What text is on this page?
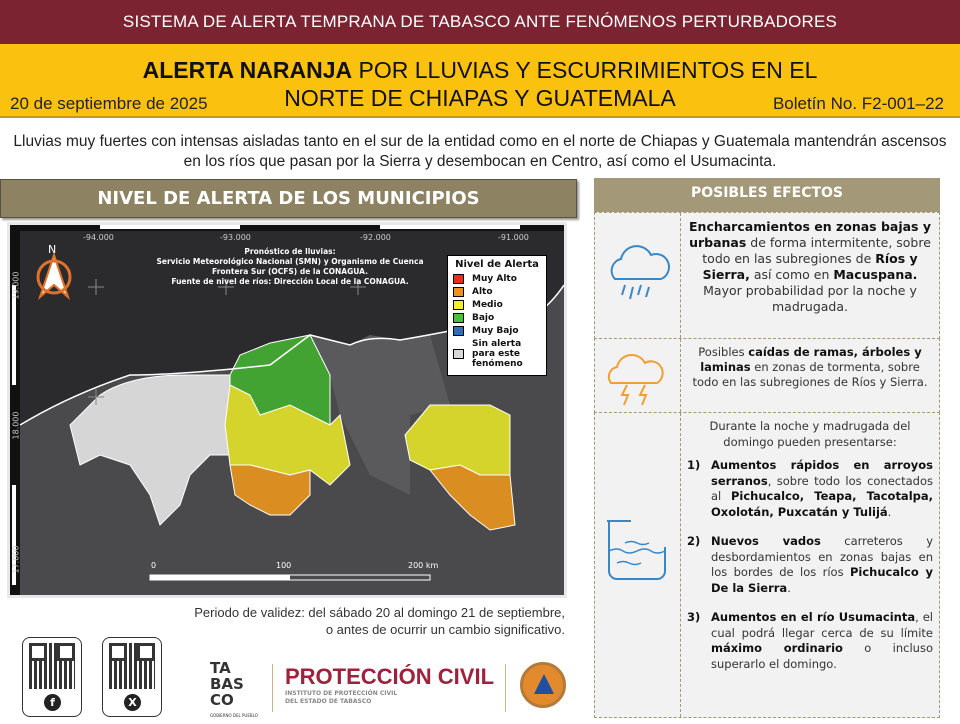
SISTEMA DE ALERTA TEMPRANA DE TABASCO ANTE FENÓMENOS PERTURBADORES
ALERTA NARANJA POR LLUVIAS Y ESCURRIMIENTOS EN EL NORTE DE CHIAPAS Y GUATEMALA
20 de septiembre de 2025	Boletín No. F2-001–22
Lluvias muy fuertes con intensas aisladas tanto en el sur de la entidad como en el norte de Chiapas y Guatemala mantendrán ascensos en los ríos que pasan por la Sierra y desembocan en Centro, así como el Usumacinta.
NIVEL DE ALERTA DE LOS MUNICIPIOS
-94.000	-93.000	-92.000	-91.000
19.000
18.000
17.000
N	Pronóstico de lluvias:
Servicio Meteorológico Nacional (SMN) y Organismo de Cuenca
Frontera Sur (OCFS) de la CONAGUA.
Fuente de nivel de ríos: Dirección Local de la CONAGUA.
0	100	200 km
Nivel de Alerta
Muy Alto
Alto
Medio
Bajo
Muy Bajo
Sin alerta para este fenómeno
Periodo de validez: del sábado 20 al domingo 21 de septiembre,
o antes de ocurrir un cambio significativo.
f	X
TA
BAS
CO
GOBIERNO DEL PUEBLO
PROTECCIÓN CIVIL
INSTITUTO DE PROTECCIÓN CIVIL
DEL ESTADO DE TABASCO
POSIBLES EFECTOS
Encharcamientos en zonas bajas y urbanas de forma intermitente, sobre todo en las subregiones de Ríos y Sierra, así como en Macuspana. Mayor probabilidad por la noche y madrugada.
Posibles caídas de ramas, árboles y laminas en zonas de tormenta, sobre todo en las subregiones de Ríos y Sierra.
Durante la noche y madrugada del domingo pueden presentarse:
1) Aumentos rápidos en arroyos serranos, sobre todo los conectados al Pichucalco, Teapa, Tacotalpa, Oxolotán, Puxcatán y Tulijá.
2) Nuevos vados carreteros y desbordamientos en zonas bajas en los bordes de los ríos Pichucalco y De la Sierra.
3) Aumentos en el río Usumacinta, el cual podrá llegar cerca de su límite máximo ordinario o incluso superarlo el domingo.
